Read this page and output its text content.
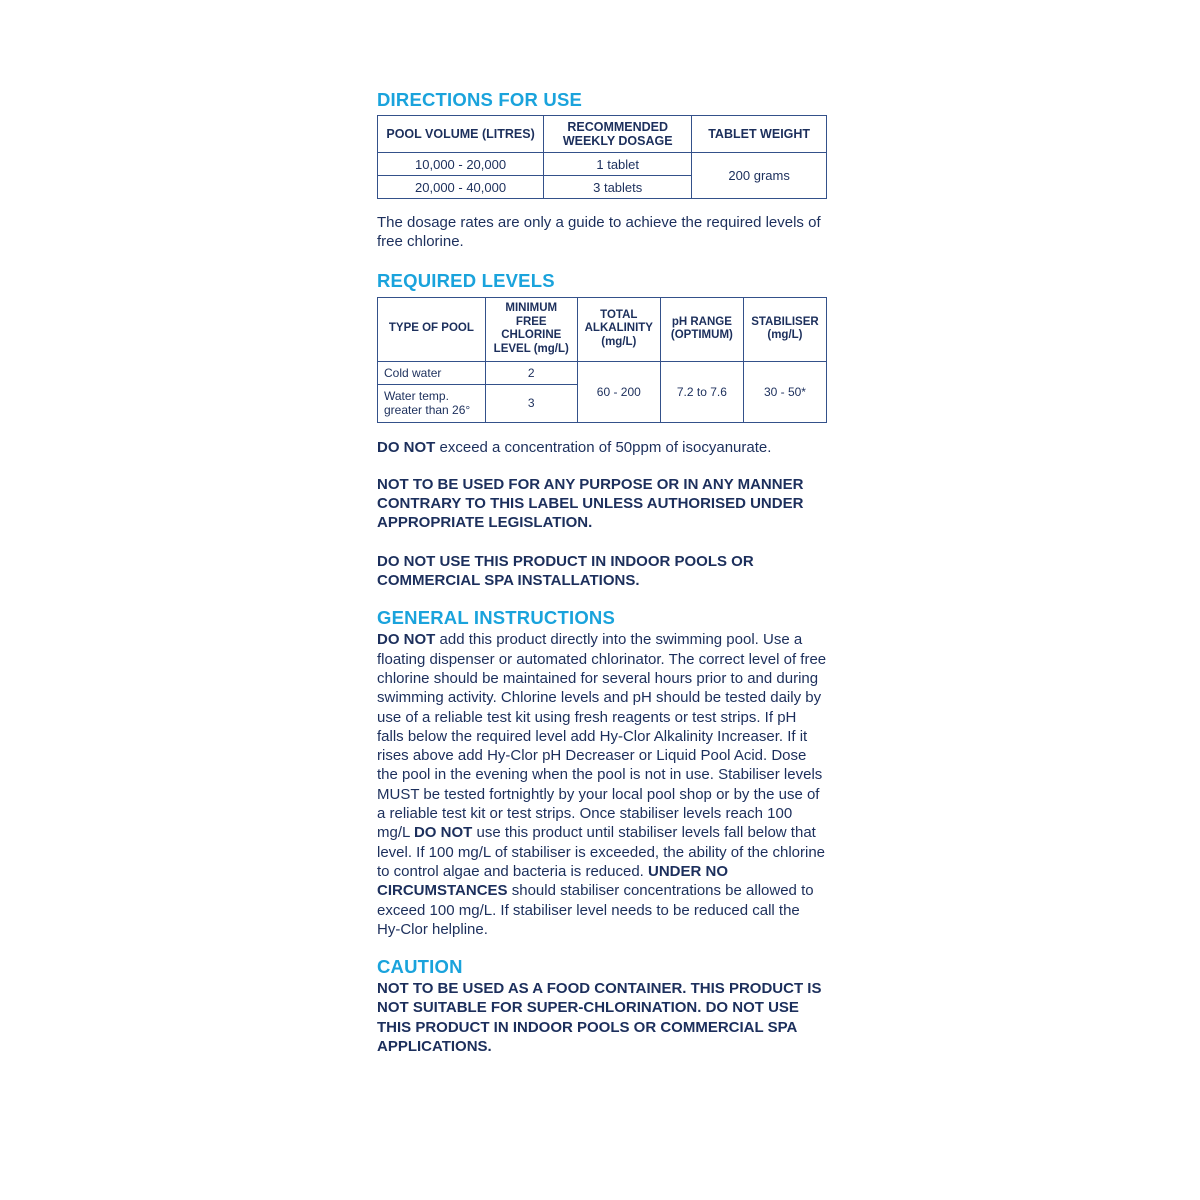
DIRECTIONS FOR USE
POOL VOLUME (LITRES)	RECOMMENDED WEEKLY DOSAGE	TABLET WEIGHT
10,000 - 20,000	1 tablet	200 grams
20,000 - 40,000	3 tablets	

The dosage rates are only a guide to achieve the required levels of free chlorine.

REQUIRED LEVELS
TYPE OF POOL	MINIMUM FREE CHLORINE LEVEL (mg/L)	TOTAL ALKALINITY (mg/L)	pH RANGE (OPTIMUM)	STABILISER (mg/L)
Cold water	2	60 - 200	7.2 to 7.6	30 - 50*
Water temp. greater than 26°	3			

DO NOT exceed a concentration of 50ppm of isocyanurate.

NOT TO BE USED FOR ANY PURPOSE OR IN ANY MANNER CONTRARY TO THIS LABEL UNLESS AUTHORISED UNDER APPROPRIATE LEGISLATION.

DO NOT USE THIS PRODUCT IN INDOOR POOLS OR COMMERCIAL SPA INSTALLATIONS.

GENERAL INSTRUCTIONS

DO NOT add this product directly into the swimming pool. Use a floating dispenser or automated chlorinator. The correct level of free chlorine should be maintained for several hours prior to and during swimming activity. Chlorine levels and pH should be tested daily by use of a reliable test kit using fresh reagents or test strips. If pH falls below the required level add Hy-Clor Alkalinity Increaser. If it rises above add Hy-Clor pH Decreaser or Liquid Pool Acid. Dose the pool in the evening when the pool is not in use. Stabiliser levels MUST be tested fortnightly by your local pool shop or by the use of a reliable test kit or test strips. Once stabiliser levels reach 100 mg/L DO NOT use this product until stabiliser levels fall below that level. If 100 mg/L of stabiliser is exceeded, the ability of the chlorine to control algae and bacteria is reduced. UNDER NO CIRCUMSTANCES should stabiliser concentrations be allowed to exceed 100 mg/L. If stabiliser level needs to be reduced call the Hy-Clor helpline.

CAUTION

NOT TO BE USED AS A FOOD CONTAINER. THIS PRODUCT IS NOT SUITABLE FOR SUPER-CHLORINATION. DO NOT USE THIS PRODUCT IN INDOOR POOLS OR COMMERCIAL SPA APPLICATIONS.
